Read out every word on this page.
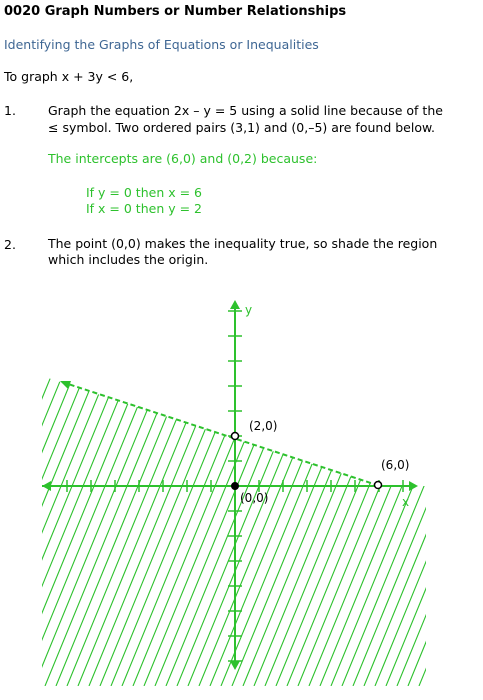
0020 Graph Numbers or Number Relationships
Identifying the Graphs of Equations or Inequalities
To graph x + 3y < 6,
1.	Graph the equation 2x – y = 5 using a solid line because of the
≤ symbol. Two ordered pairs (3,1) and (0,–5) are found below.
The intercepts are (6,0) and (0,2) because:
If y = 0 then x = 6
If x = 0 then y = 2
2.	The point (0,0) makes the inequality true, so shade the region
which includes the origin.
y
x
(2,0)
(6,0)
(0,0)
